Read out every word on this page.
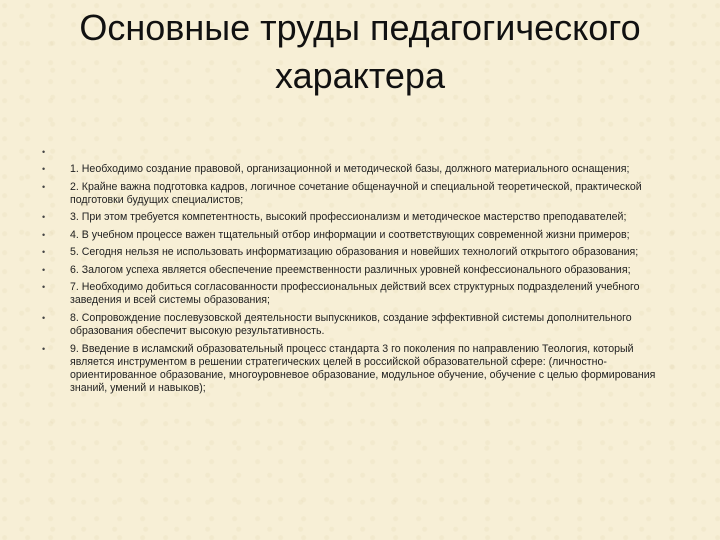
Основные труды педагогического
характера
•
• 1. Необходимо создание правовой, организационной и методической базы, должного материального оснащения;
• 2. Крайне важна подготовка кадров, логичное сочетание общенаучной и специальной теоретической, практической подготовки будущих специалистов;
• 3. При этом требуется компетентность, высокий профессионализм и методическое мастерство преподавателей;
• 4. В учебном процессе важен тщательный отбор информации и соответствующих современной жизни примеров;
• 5. Сегодня нельзя не использовать информатизацию образования и новейших технологий открытого образования;
• 6. Залогом успеха является обеспечение преемственности различных уровней конфессионального образования;
• 7. Необходимо добиться согласованности профессиональных действий всех структурных подразделений учебного заведения и всей системы образования;
• 8. Сопровождение послевузовской деятельности выпускников, создание эффективной системы дополнительного образования обеспечит высокую результативность.
• 9. Введение в исламский образовательный процесс стандарта 3 го поколения по направлению Теология, который является инструментом в решении стратегических целей в российской образовательной сфере: (личностно-ориентированное образование, многоуровневое образование, модульное обучение, обучение с целью формирования знаний, умений и навыков);
